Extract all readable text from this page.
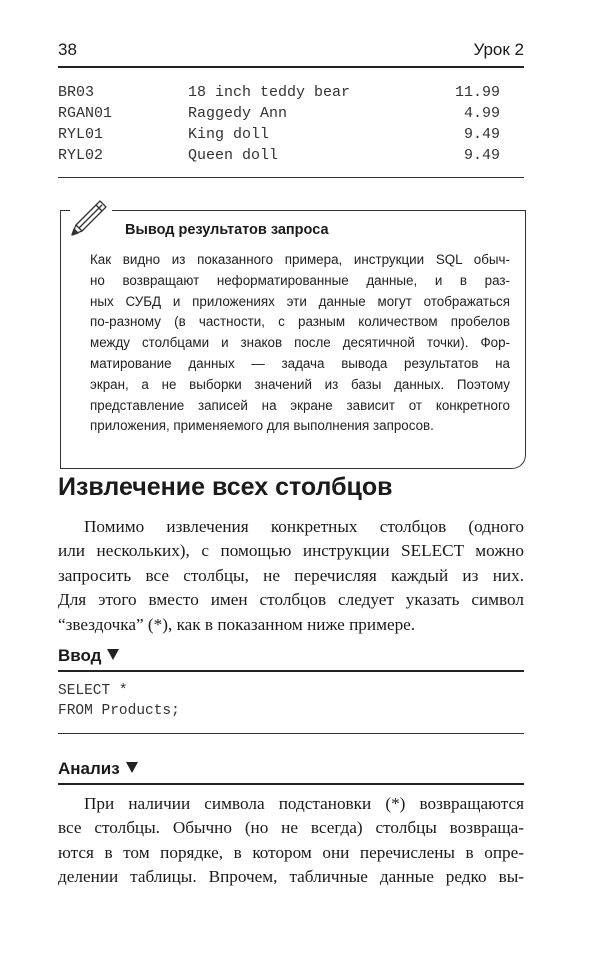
38	Урок 2
BR03	18 inch teddy bear	11.99
RGAN01	Raggedy Ann	4.99
RYL01	King doll	9.49
RYL02	Queen doll	9.49
Вывод результатов запроса
Как видно из показанного примера, инструкции SQL обыч-
но возвращают неформатированные данные, и в раз-
ных СУБД и приложениях эти данные могут отображаться
по-разному (в частности, с разным количеством пробелов
между столбцами и знаков после десятичной точки). Фор-
матирование данных — задача вывода результатов на
экран, а не выборки значений из базы данных. Поэтому
представление записей на экране зависит от конкретного
приложения, применяемого для выполнения запросов.
Извлечение всех столбцов
Помимо извлечения конкретных столбцов (одного
или нескольких), с помощью инструкции SELECT можно
запросить все столбцы, не перечисляя каждый из них.
Для этого вместо имен столбцов следует указать символ
“звездочка” (*), как в показанном ниже примере.
Ввод
SELECT *
FROM Products;
Анализ
При наличии символа подстановки (*) возвращаются
все столбцы. Обычно (но не всегда) столбцы возвраща-
ются в том порядке, в котором они перечислены в опре-
делении таблицы. Впрочем, табличные данные редко вы-
